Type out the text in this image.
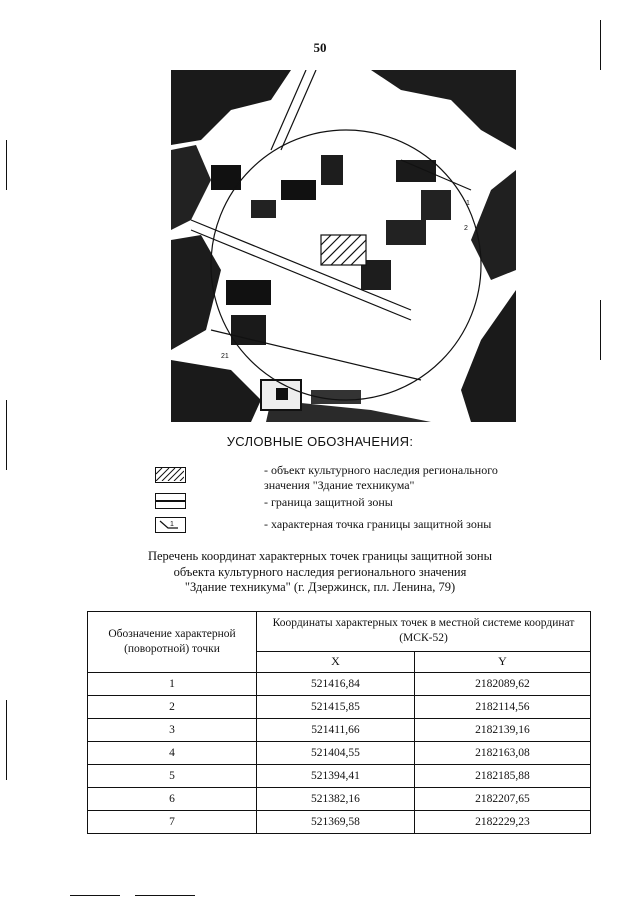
50
1
2
21
УСЛОВНЫЕ ОБОЗНАЧЕНИЯ:
- объект культурного наследия регионального
значения "Здание техникума"
- граница защитной зоны
1	- характерная точка границы защитной зоны
Перечень координат характерных точек границы защитной зоны
объекта культурного наследия регионального значения
"Здание техникума" (г. Дзержинск, пл. Ленина, 79)
Обозначение характерной (поворотной) точки	Координаты характерных точек в местной системе координат (МСК-52)	
	X	Y
1	521416,84	2182089,62
2	521415,85	2182114,56
3	521411,66	2182139,16
4	521404,55	2182163,08
5	521394,41	2182185,88
6	521382,16	2182207,65
7	521369,58	2182229,23
